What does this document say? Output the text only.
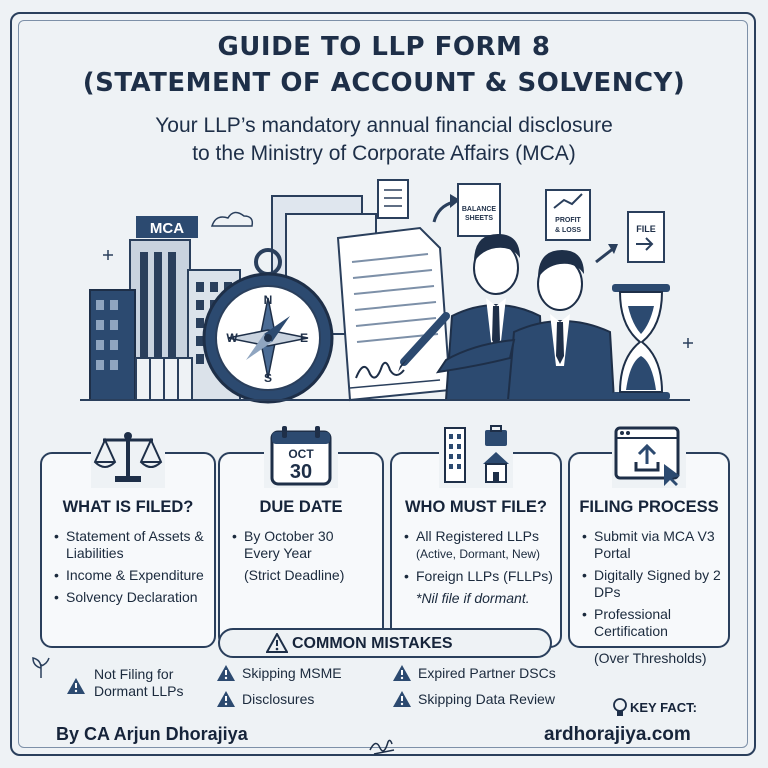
GUIDE TO LLP FORM 8
(STATEMENT OF ACCOUNT & SOLVENCY)
Your LLP’s mandatory annual financial disclosure
to the Ministry of Corporate Affairs (MCA)
MCA
N
S
E
W
BALANCE
SHEETS	PROFIT
& LOSS	FILE
WHAT IS FILED?
• Statement of Assets & Liabilities
• Income & Expenditure
• Solvency Declaration
OCT
30
DUE DATE
• By October 30
Every Year
(Strict Deadline)
WHO MUST FILE?
• All Registered LLPs
(Active, Dormant, New)
• Foreign LLPs (FLLPs)
*Nil file if dormant.
FILING PROCESS
• Submit via MCA V3 Portal
• Digitally Signed by 2 DPs
• Professional Certification
(Over Thresholds)
COMMON MISTAKES
Not Filing for Dormant LLPs
Skipping MSME
Disclosures
Expired Partner DSCs
Skipping Data Review
KEY FACT:
By CA Arjun Dhorajiya	ardhorajiya.com
